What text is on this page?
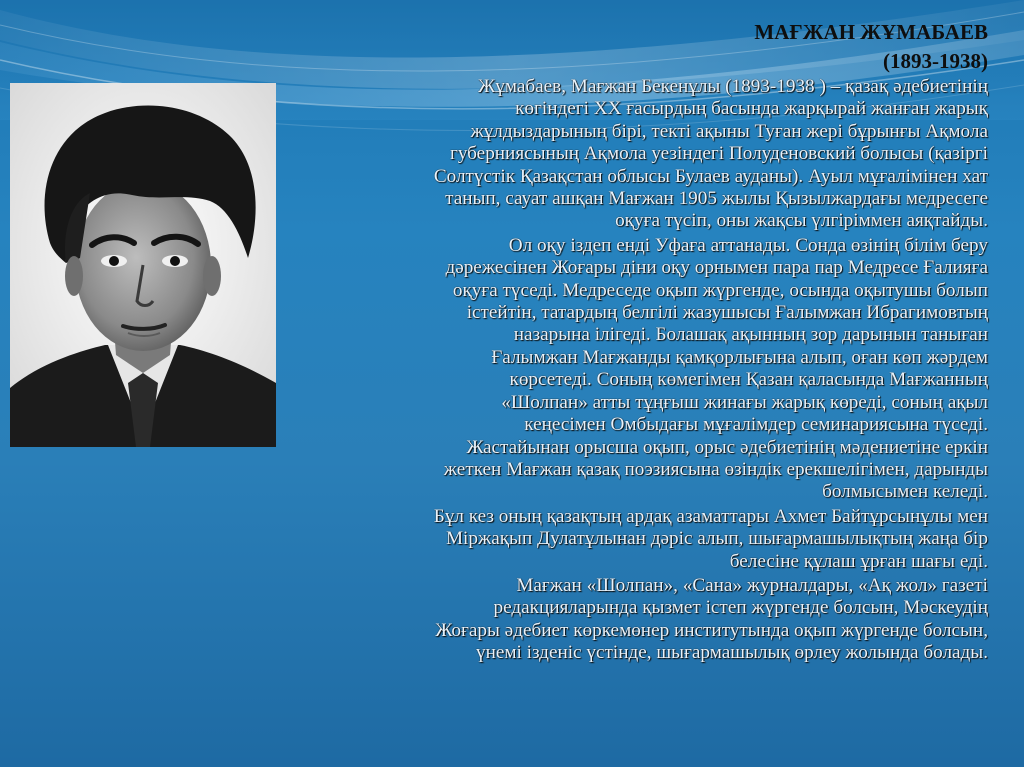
МАҒЖАН ЖҰМАБАЕВ
(1893-1938)
Жұмабаев, Мағжан Бекенұлы (1893-1938 ) – қазақ әдебиетінің
көгіндегі ХХ ғасырдың басында жарқырай жанған жарық
жұлдыздарының бірі, текті ақыны Туған жері бұрынғы Ақмола
губерниясының Ақмола уезіндегі Полуденовский болысы (қазіргі
Солтүстік Қазақстан облысы Булаев ауданы). Ауыл мұғалімінен хат
танып, сауат ашқан Мағжан 1905 жылы Қызылжардағы медресеге
оқуға түсіп, оны жақсы үлгіріммен аяқтайды.
Ол оқу іздеп енді Уфаға аттанады. Сонда өзінің білім беру
дәрежесінен Жоғары діни оқу орнымен пара пар Медресе Ғалияға
оқуға түседі. Медреседе оқып жүргенде, осында оқытушы болып
істейтін, татардың белгілі жазушысы Ғалымжан Ибрагимовтың
назарына ілігеді. Болашақ ақынның зор дарынын таныған
Ғалымжан Мағжанды қамқорлығына алып, оған көп жәрдем
көрсетеді. Соның көмегімен Қазан қаласында Мағжанның
«Шолпан» атты тұңғыш жинағы жарық көреді, соның ақыл
кеңесімен Омбыдағы мұғалімдер семинариясына түседі.
Жастайынан орысша оқып, орыс әдебиетінің мәдениетіне еркін
жеткен Мағжан қазақ поэзиясына өзіндік ерекшелігімен, дарынды
болмысымен келеді.
Бұл кез оның қазақтың ардақ азаматтары Ахмет Байтұрсынұлы мен
Міржақып Дулатұлынан дәріс алып, шығармашылықтың жаңа бір
белесіне құлаш ұрған шағы еді.
Мағжан «Шолпан», «Сана» журналдары, «Ақ жол» газеті
редакцияларында қызмет істеп жүргенде болсын, Мәскеудің
Жоғары әдебиет көркемөнер институтында оқып жүргенде болсын,
үнемі ізденіс үстінде, шығармашылық өрлеу жолында болады.
